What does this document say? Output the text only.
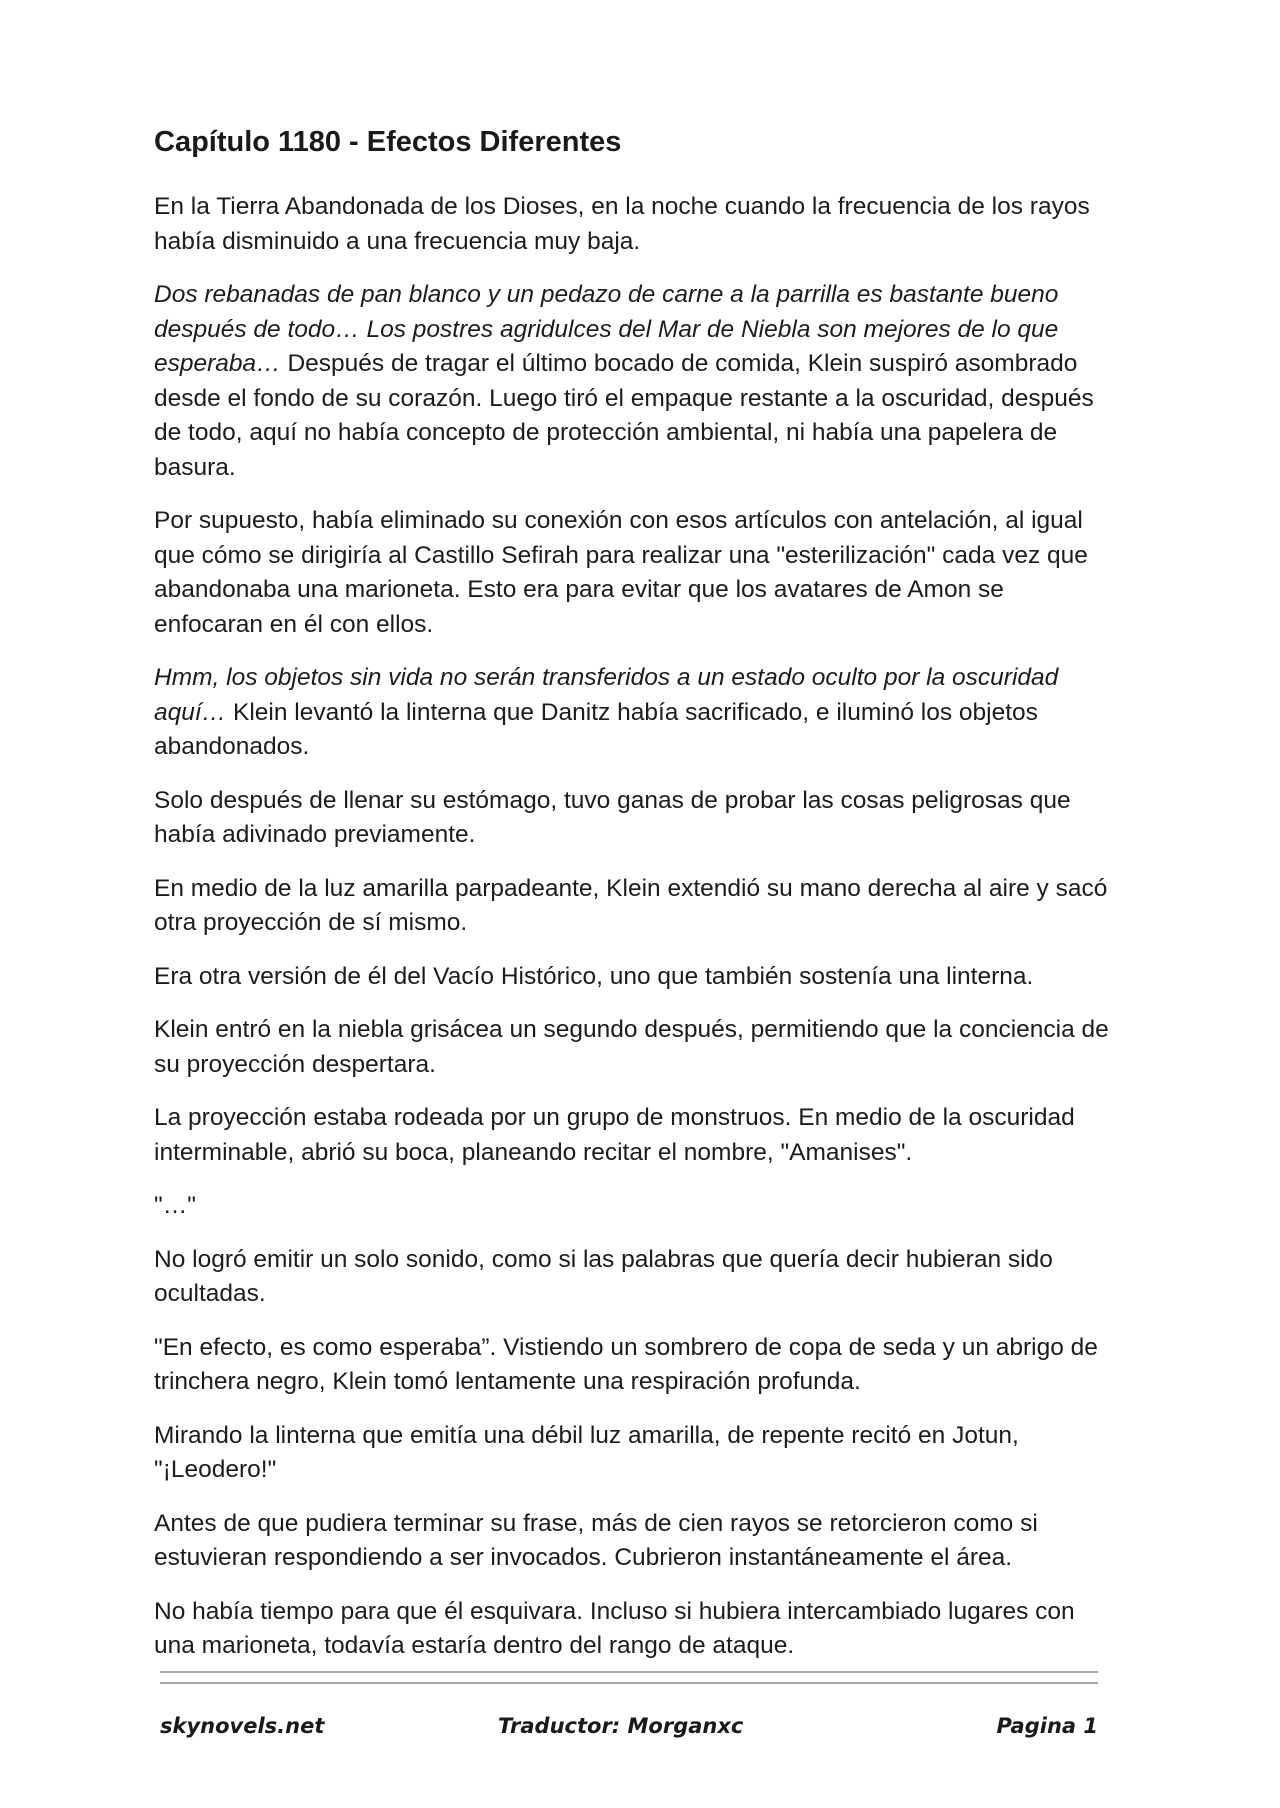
Capítulo 1180 - Efectos Diferentes

En la Tierra Abandonada de los Dioses, en la noche cuando la frecuencia de los rayos había disminuido a una frecuencia muy baja.

Dos rebanadas de pan blanco y un pedazo de carne a la parrilla es bastante bueno después de todo… Los postres agridulces del Mar de Niebla son mejores de lo que esperaba… Después de tragar el último bocado de comida, Klein suspiró asombrado desde el fondo de su corazón. Luego tiró el empaque restante a la oscuridad, después de todo, aquí no había concepto de protección ambiental, ni había una papelera de basura.

Por supuesto, había eliminado su conexión con esos artículos con antelación, al igual que cómo se dirigiría al Castillo Sefirah para realizar una "esterilización" cada vez que abandonaba una marioneta. Esto era para evitar que los avatares de Amon se enfocaran en él con ellos.

Hmm, los objetos sin vida no serán transferidos a un estado oculto por la oscuridad aquí… Klein levantó la linterna que Danitz había sacrificado, e iluminó los objetos abandonados.

Solo después de llenar su estómago, tuvo ganas de probar las cosas peligrosas que había adivinado previamente.

En medio de la luz amarilla parpadeante, Klein extendió su mano derecha al aire y sacó otra proyección de sí mismo.

Era otra versión de él del Vacío Histórico, uno que también sostenía una linterna.

Klein entró en la niebla grisácea un segundo después, permitiendo que la conciencia de su proyección despertara.

La proyección estaba rodeada por un grupo de monstruos. En medio de la oscuridad interminable, abrió su boca, planeando recitar el nombre, "Amanises".

"…"

No logró emitir un solo sonido, como si las palabras que quería decir hubieran sido ocultadas.

"En efecto, es como esperaba”. Vistiendo un sombrero de copa de seda y un abrigo de trinchera negro, Klein tomó lentamente una respiración profunda.

Mirando la linterna que emitía una débil luz amarilla, de repente recitó en Jotun, "¡Leodero!"

Antes de que pudiera terminar su frase, más de cien rayos se retorcieron como si estuvieran respondiendo a ser invocados. Cubrieron instantáneamente el área.

No había tiempo para que él esquivara. Incluso si hubiera intercambiado lugares con una marioneta, todavía estaría dentro del rango de ataque.

skynovels.net	Traductor: Morganxc	Pagina 1
